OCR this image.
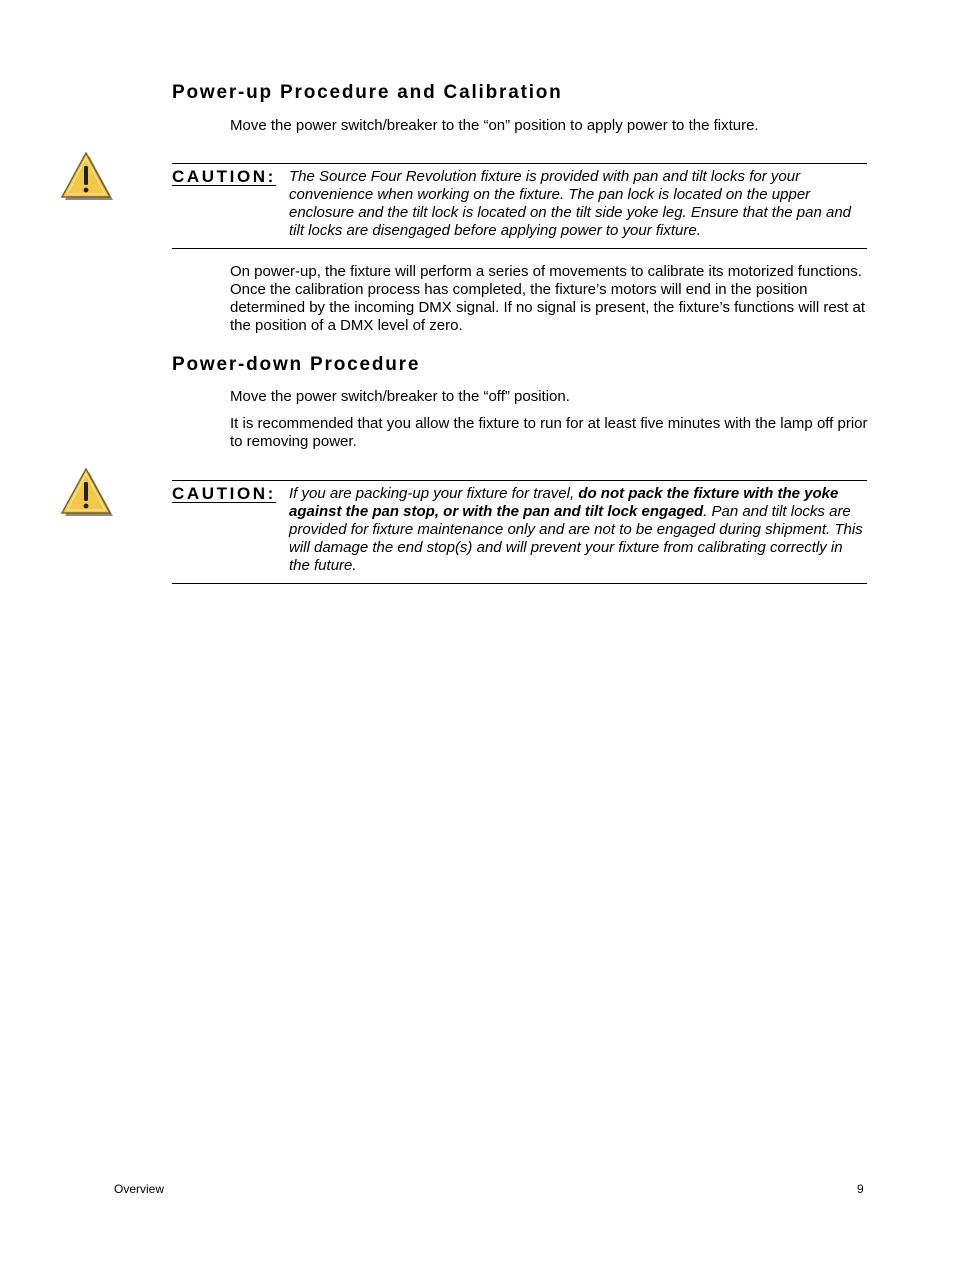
Power-up Procedure and Calibration

Move the power switch/breaker to the “on” position to apply power to the fixture.

CAUTION: The Source Four Revolution fixture is provided with pan and tilt locks for your convenience when working on the fixture. The pan lock is located on the upper enclosure and the tilt lock is located on the tilt side yoke leg. Ensure that the pan and tilt locks are disengaged before applying power to your fixture.

On power-up, the fixture will perform a series of movements to calibrate its motorized functions. Once the calibration process has completed, the fixture’s motors will end in the position determined by the incoming DMX signal. If no signal is present, the fixture’s functions will rest at the position of a DMX level of zero.

Power-down Procedure

Move the power switch/breaker to the “off” position.

It is recommended that you allow the fixture to run for at least five minutes with the lamp off prior to removing power.

CAUTION: If you are packing-up your fixture for travel, do not pack the fixture with the yoke against the pan stop, or with the pan and tilt lock engaged. Pan and tilt locks are provided for fixture maintenance only and are not to be engaged during shipment. This will damage the end stop(s) and will prevent your fixture from calibrating correctly in the future.

Overview	9
